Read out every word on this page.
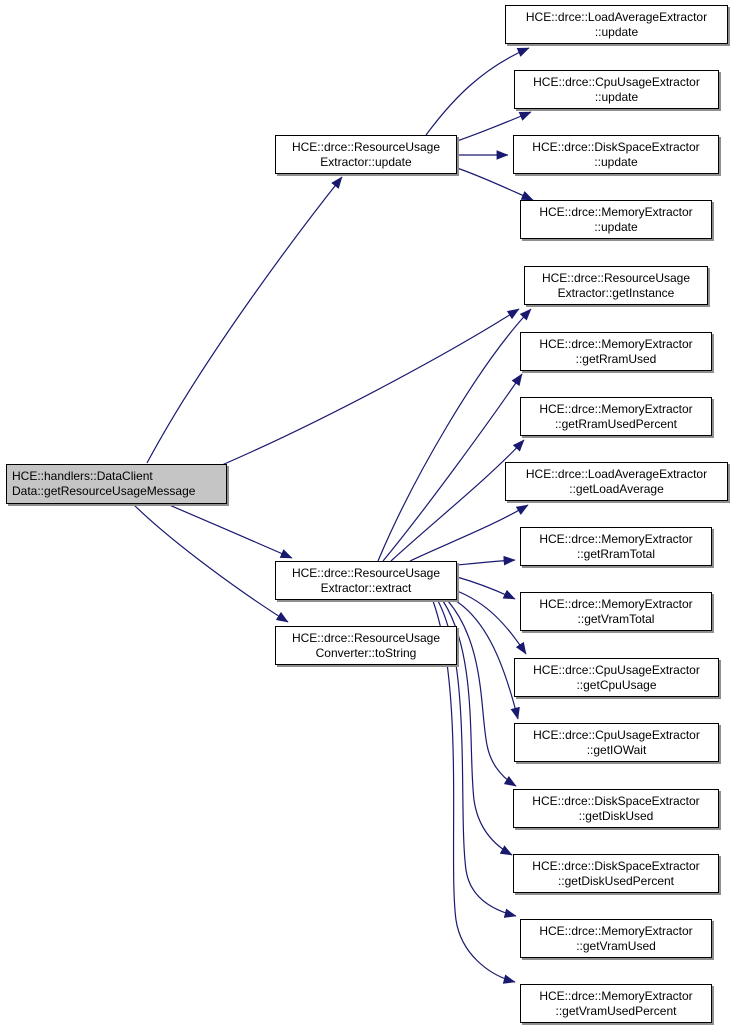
HCE::handlers::DataClient
Data::getResourceUsageMessage
HCE::drce::ResourceUsage
Extractor::update
HCE::drce::ResourceUsage
Extractor::extract
HCE::drce::ResourceUsage
Converter::toString
HCE::drce::LoadAverageExtractor
::update
HCE::drce::CpuUsageExtractor
::update
HCE::drce::DiskSpaceExtractor
::update
HCE::drce::MemoryExtractor
::update
HCE::drce::ResourceUsage
Extractor::getInstance
HCE::drce::MemoryExtractor
::getRramUsed
HCE::drce::MemoryExtractor
::getRramUsedPercent
HCE::drce::LoadAverageExtractor
::getLoadAverage
HCE::drce::MemoryExtractor
::getRramTotal
HCE::drce::MemoryExtractor
::getVramTotal
HCE::drce::CpuUsageExtractor
::getCpuUsage
HCE::drce::CpuUsageExtractor
::getIOWait
HCE::drce::DiskSpaceExtractor
::getDiskUsed
HCE::drce::DiskSpaceExtractor
::getDiskUsedPercent
HCE::drce::MemoryExtractor
::getVramUsed
HCE::drce::MemoryExtractor
::getVramUsedPercent
